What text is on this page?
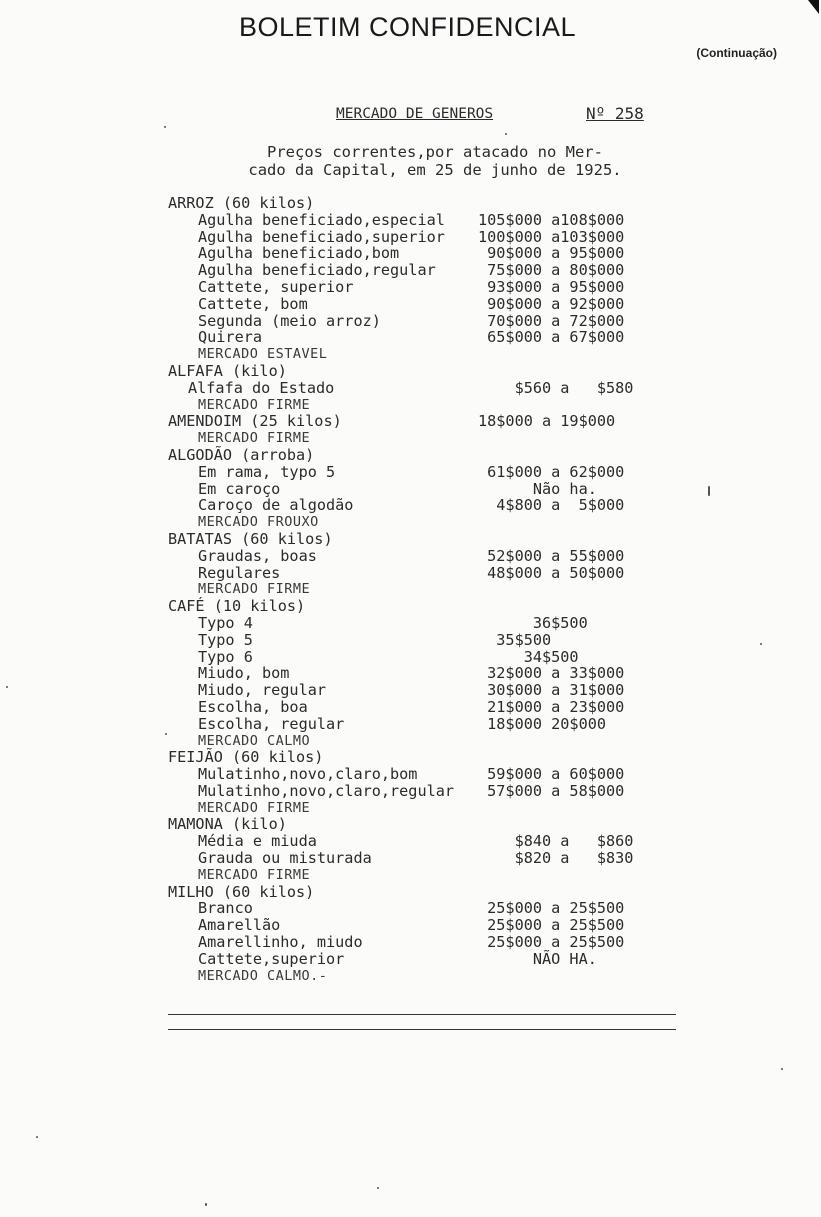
BOLETIM CONFIDENCIAL
(Continuação)
MERCADO DE GENEROS	Nº 258
Preços correntes,por atacado no Mer-
cado da Capital, em 25 de junho de 1925.
ARROZ (60 kilos)
Agulha beneficiado,especial 105$000 a108$000
Agulha beneficiado,superior 100$000 a103$000
Agulha beneficiado,bom	90$000 a 95$000
Agulha beneficiado,regular	75$000 a 80$000
Cattete, superior	93$000 a 95$000
Cattete, bom	90$000 a 92$000
Segunda (meio arroz)	70$000 a 72$000
Quirera	65$000 a 67$000
MERCADO ESTAVEL
ALFAFA (kilo)
Alfafa do Estado	$560 a   $580
MERCADO FIRME
AMENDOIM (25 kilos)	18$000 a 19$000
MERCADO FIRME
ALGODÃO (arroba)
Em rama, typo 5	61$000 a 62$000
Em caroço	Não ha.
Caroço de algodão	4$800 a  5$000
MERCADO FROUXO
BATATAS (60 kilos)
Graudas, boas	52$000 a 55$000
Regulares	48$000 a 50$000
MERCADO FIRME
CAFÉ (10 kilos)
Typo 4	36$500
Typo 5	35$500
Typo 6	34$500
Miudo, bom	32$000 a 33$000
Miudo, regular	30$000 a 31$000
Escolha, boa	21$000 a 23$000
Escolha, regular	18$000 20$000
MERCADO CALMO
FEIJÃO (60 kilos)
Mulatinho,novo,claro,bom	59$000 a 60$000
Mulatinho,novo,claro,regular 57$000 a 58$000
MERCADO FIRME
MAMONA (kilo)
Média e miuda	$840 a   $860
Grauda ou misturada	$820 a   $830
MERCADO FIRME
MILHO (60 kilos)
Branco	25$000 a 25$500
Amarellão	25$000 a 25$500
Amarellinho, miudo	25$000 a 25$500
Cattete,superior	NÃO HA.
MERCADO CALMO.-
